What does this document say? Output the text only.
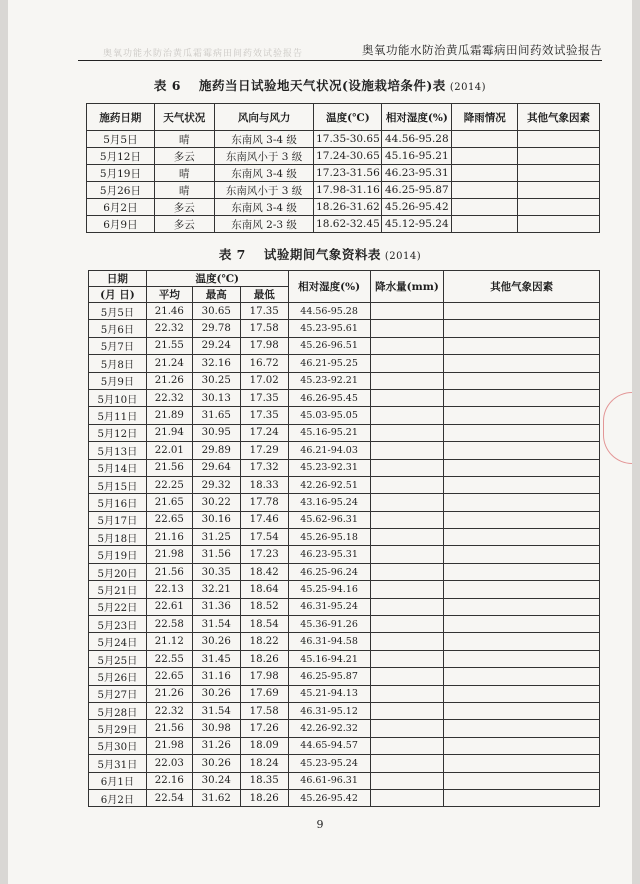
奥氧功能水防治黄瓜霜霉病田间药效试验报告	奥氧功能水防治黄瓜霜霉病田间药效试验报告
表 6 施药当日试验地天气状况(设施栽培条件)表 (2014)
施药日期	天气状况	风向与风力	温度(℃)	相对湿度(%)	降雨情况	其他气象因素
5月5日	晴	东南风 3-4 级	17.35-30.65	44.56-95.28		
5月12日	多云	东南风小于 3 级	17.24-30.65	45.16-95.21		
5月19日	晴	东南风 3-4 级	17.23-31.56	46.23-95.31		
5月26日	晴	东南风小于 3 级	17.98-31.16	46.25-95.87		
6月2日	多云	东南风 3-4 级	18.26-31.62	45.26-95.42		
6月9日	多云	东南风 2-3 级	18.62-32.45	45.12-95.24		
表 7 试验期间气象资料表 (2014)
日期	温度(℃)			相对湿度(%)	降水量(mm)	其他气象因素
(月 日)	平均	最高	最低			
5月5日	21.46	30.65	17.35	44.56-95.28		
5月6日	22.32	29.78	17.58	45.23-95.61		
5月7日	21.55	29.24	17.98	45.26-96.51		
5月8日	21.24	32.16	16.72	46.21-95.25		
5月9日	21.26	30.25	17.02	45.23-92.21		
5月10日	22.32	30.13	17.35	46.26-95.45		
5月11日	21.89	31.65	17.35	45.03-95.05		
5月12日	21.94	30.95	17.24	45.16-95.21		
5月13日	22.01	29.89	17.29	46.21-94.03		
5月14日	21.56	29.64	17.32	45.23-92.31		
5月15日	22.25	29.32	18.33	42.26-92.51		
5月16日	21.65	30.22	17.78	43.16-95.24		
5月17日	22.65	30.16	17.46	45.62-96.31		
5月18日	21.16	31.25	17.54	45.26-95.18		
5月19日	21.98	31.56	17.23	46.23-95.31		
5月20日	21.56	30.35	18.42	46.25-96.24		
5月21日	22.13	32.21	18.64	45.25-94.16		
5月22日	22.61	31.36	18.52	46.31-95.24		
5月23日	22.58	31.54	18.54	45.36-91.26		
5月24日	21.12	30.26	18.22	46.31-94.58		
5月25日	22.55	31.45	18.26	45.16-94.21		
5月26日	22.65	31.16	17.98	46.25-95.87		
5月27日	21.26	30.26	17.69	45.21-94.13		
5月28日	22.32	31.54	17.58	46.31-95.12		
5月29日	21.56	30.98	17.26	42.26-92.32		
5月30日	21.98	31.26	18.09	44.65-94.57		
5月31日	22.03	30.26	18.24	45.23-95.24		
6月1日	22.16	30.24	18.35	46.61-96.31		
6月2日	22.54	31.62	18.26	45.26-95.42		
9
